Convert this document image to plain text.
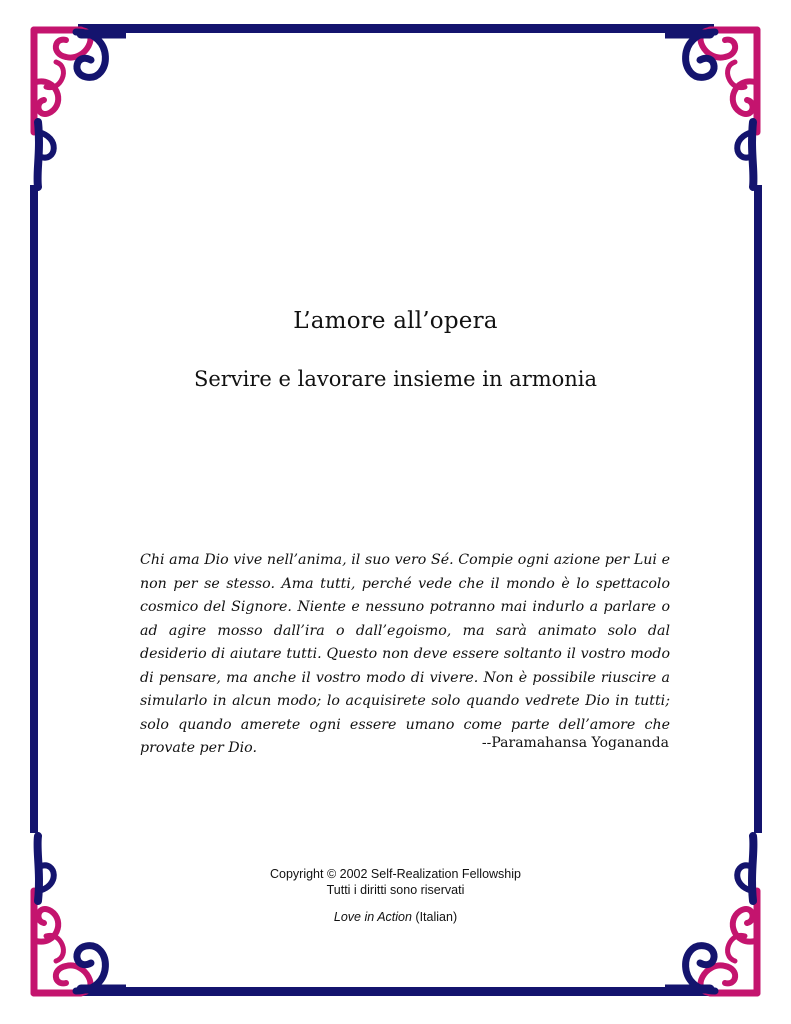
L’amore all’opera
Servire e lavorare insieme in armonia
Chi ama Dio vive nell’anima, il suo vero Sé. Compie ogni azione per Lui e non per se stesso. Ama tutti, perché vede che il mondo è lo spettacolo cosmico del Signore. Niente e nessuno potranno mai indurlo a parlare o ad agire mosso dall’ira o dall’egoismo, ma sarà animato solo dal desiderio di aiutare tutti. Questo non deve essere soltanto il vostro modo di pensare, ma anche il vostro modo di vivere. Non è possibile riuscire a simularlo in alcun modo; lo acquisirete solo quando vedrete Dio in tutti; solo quando amerete ogni essere umano come parte dell’amore che provate per Dio.	--Paramahansa Yogananda
Copyright © 2002 Self-Realization Fellowship
Tutti i diritti sono riservati
Love in Action (Italian)
